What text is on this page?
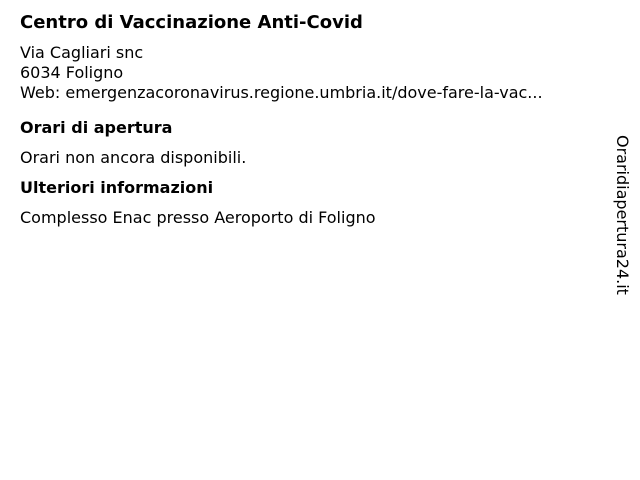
Centro di Vaccinazione Anti-Covid
Via Cagliari snc
6034 Foligno
Web: emergenzacoronavirus.regione.umbria.it/dove-fare-la-vac...
Orari di apertura

Orari non ancora disponibili.

Ulteriori informazioni

Complesso Enac presso Aeroporto di Foligno	Oraridiapertura24.it
